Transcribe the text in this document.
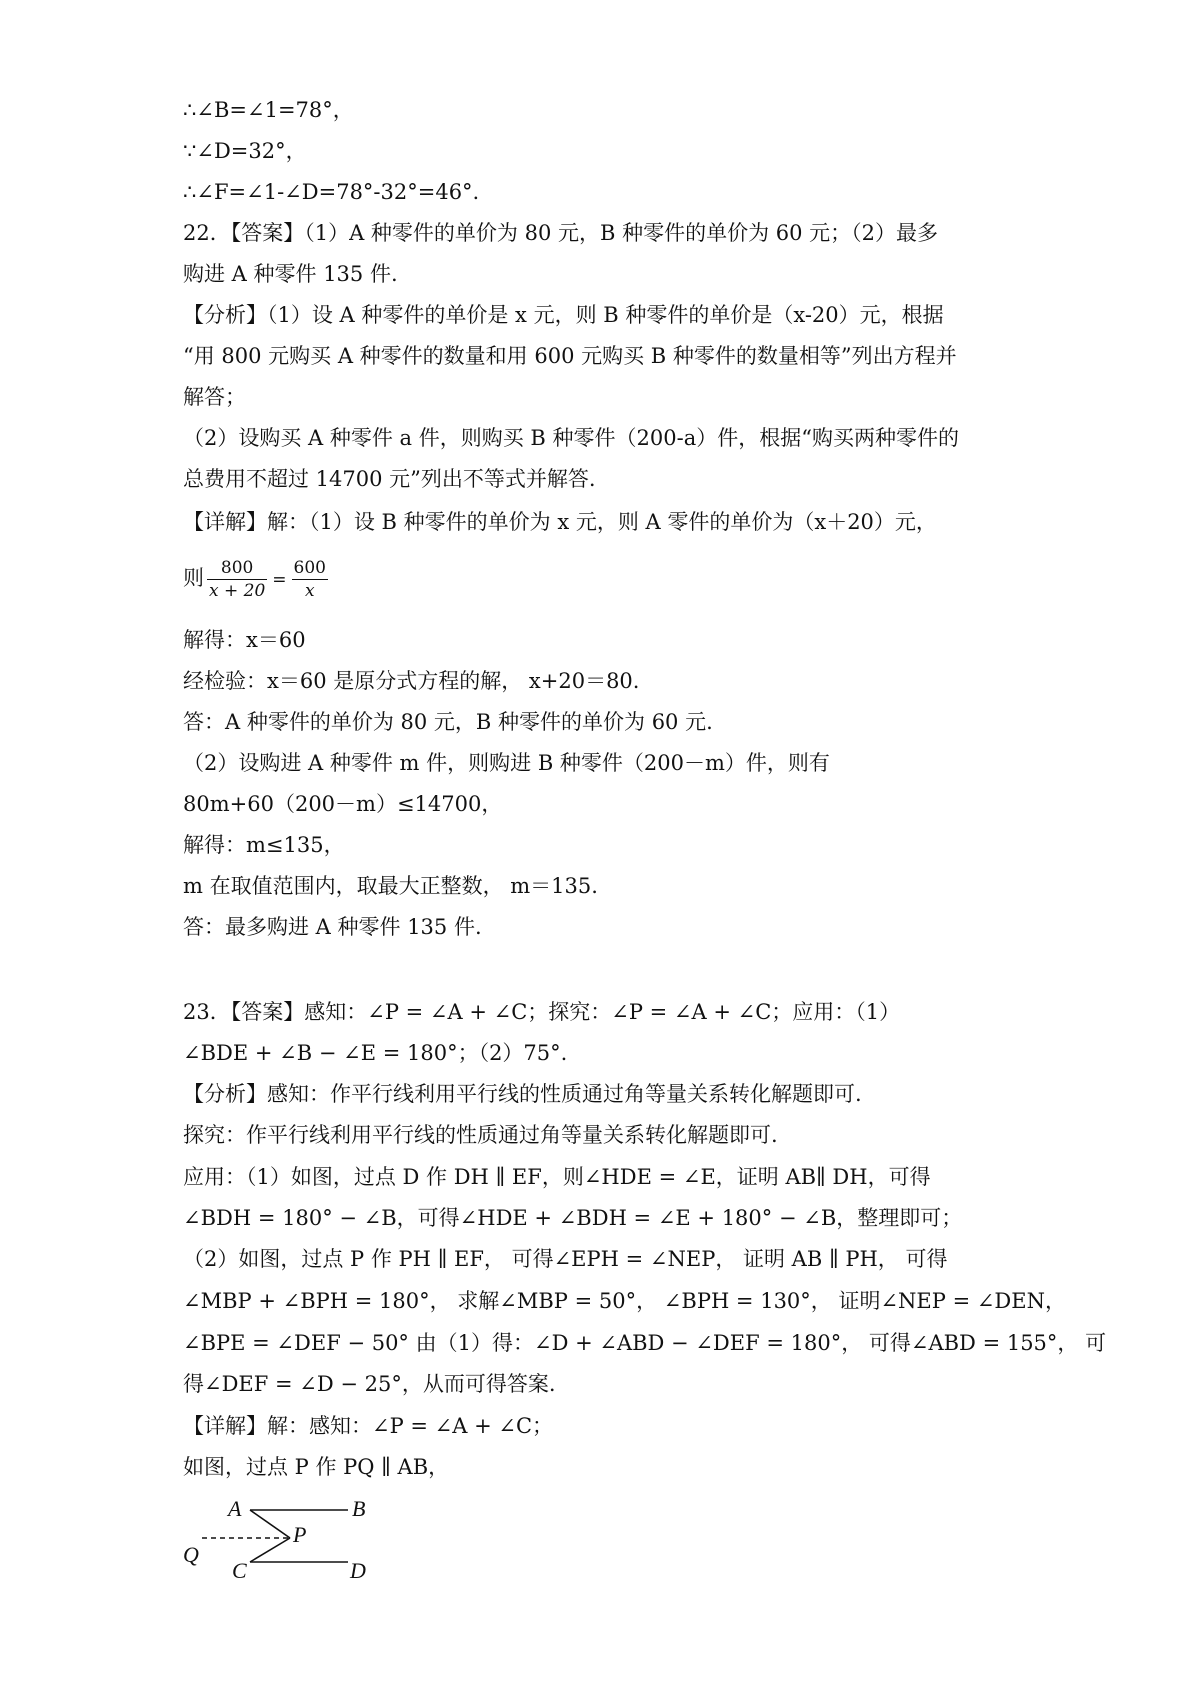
∴∠B=∠1=78°，
∵∠D=32°，
∴∠F=∠1-∠D=78°-32°=46°.
22．【答案】（1）A 种零件的单价为 80 元，B 种零件的单价为 60 元；（2）最多
购进 A 种零件 135 件.
【分析】（1）设 A 种零件的单价是 x 元，则 B 种零件的单价是（x-20）元，根据
“用 800 元购买 A 种零件的数量和用 600 元购买 B 种零件的数量相等”列出方程并
解答；
（2）设购买 A 种零件 a 件，则购买 B 种零件（200-a）件，根据“购买两种零件的
总费用不超过 14700 元”列出不等式并解答.
【详解】解：（1）设 B 种零件的单价为 x 元，则 A 零件的单价为（x＋20）元，
则 $\frac{800}{x + 20} = \frac{600}{x}$
解得：x＝60
经检验：x＝60 是原分式方程的解， x+20＝80.
答：A 种零件的单价为 80 元，B 种零件的单价为 60 元.
（2）设购进 A 种零件 m 件，则购进 B 种零件（200－m）件，则有
80m+60（200－m）≤14700，
解得：m≤135，
m 在取值范围内，取最大正整数， m＝135.
答：最多购进 A 种零件 135 件.
23．【答案】感知：∠P = ∠A + ∠C；探究：∠P = ∠A + ∠C；应用：（1）
∠BDE + ∠B − ∠E = 180°；（2）75°.
【分析】感知：作平行线利用平行线的性质通过角等量关系转化解题即可.
探究：作平行线利用平行线的性质通过角等量关系转化解题即可.
应用：（1）如图，过点 D 作 DH ∥ EF，则∠HDE = ∠E，证明 AB∥ DH，可得
∠BDH = 180° − ∠B，可得∠HDE + ∠BDH = ∠E + 180° − ∠B，整理即可；
（2）如图，过点 P 作 PH ∥ EF， 可得∠EPH = ∠NEP， 证明 AB ∥ PH， 可得
∠MBP + ∠BPH = 180°， 求解∠MBP = 50°， ∠BPH = 130°， 证明∠NEP = ∠DEN，
∠BPE = ∠DEF − 50° 由（1）得：∠D + ∠ABD − ∠DEF = 180°， 可得∠ABD = 155°， 可
得∠DEF = ∠D − 25°，从而可得答案.
【详解】解：感知：∠P = ∠A + ∠C；
如图，过点 P 作 PQ ∥ AB，
A	B
Q
P
C	D
